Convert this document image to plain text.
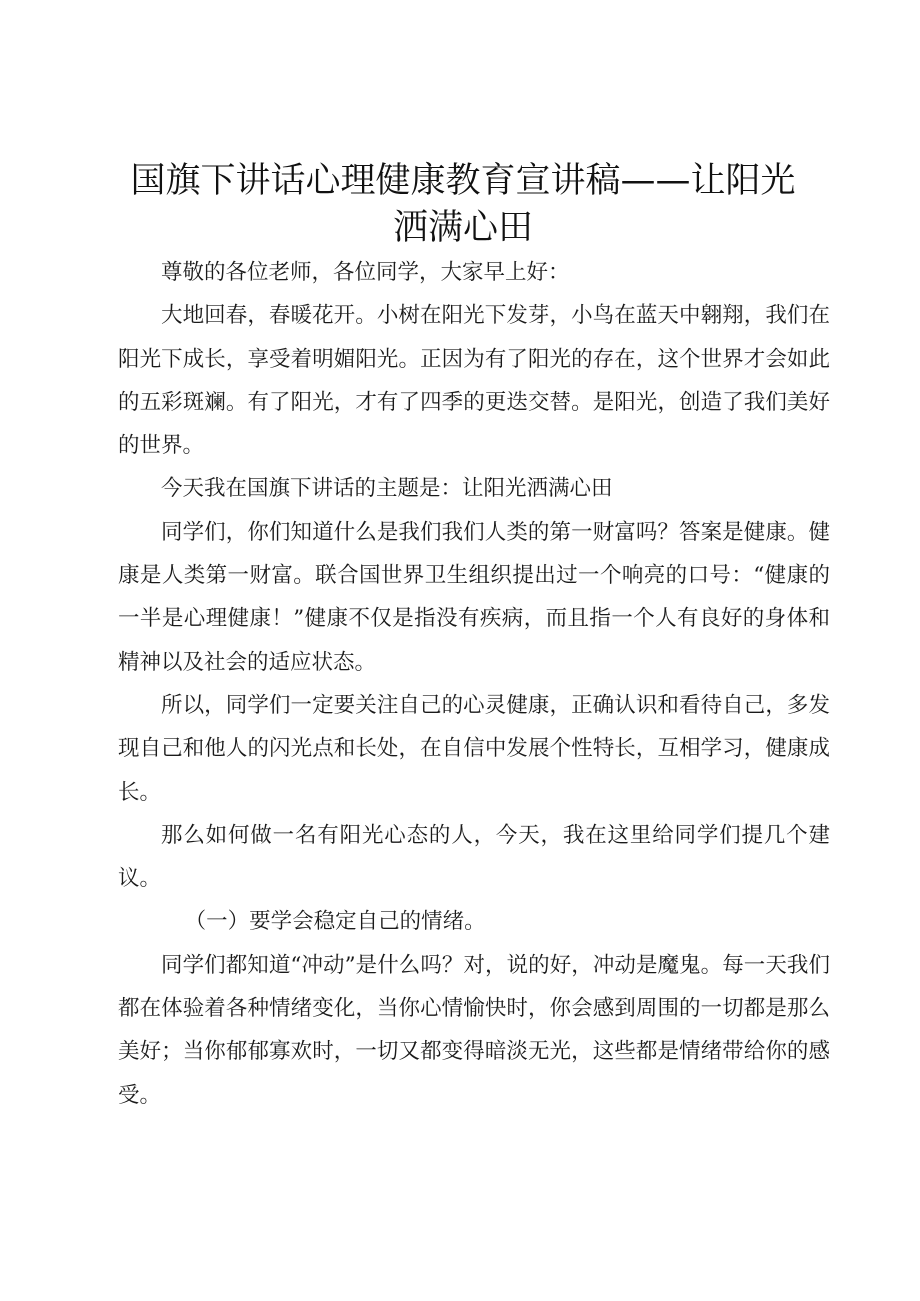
国旗下讲话心理健康教育宣讲稿——让阳光洒满心田

尊敬的各位老师，各位同学，大家早上好：

大地回春，春暖花开。小树在阳光下发芽，小鸟在蓝天中翱翔，我们在阳光下成长，享受着明媚阳光。正因为有了阳光的存在，这个世界才会如此的五彩斑斓。有了阳光，才有了四季的更迭交替。是阳光，创造了我们美好的世界。

今天我在国旗下讲话的主题是：让阳光洒满心田

同学们，你们知道什么是我们我们人类的第一财富吗？答案是健康。健康是人类第一财富。联合国世界卫生组织提出过一个响亮的口号：“健康的一半是心理健康！”健康不仅是指没有疾病，而且指一个人有良好的身体和精神以及社会的适应状态。

所以，同学们一定要关注自己的心灵健康，正确认识和看待自己，多发现自己和他人的闪光点和长处，在自信中发展个性特长，互相学习，健康成长。

那么如何做一名有阳光心态的人，今天，我在这里给同学们提几个建议。

（一）要学会稳定自己的情绪。

同学们都知道“冲动”是什么吗？对，说的好，冲动是魔鬼。每一天我们都在体验着各种情绪变化，当你心情愉快时，你会感到周围的一切都是那么美好；当你郁郁寡欢时，一切又都变得暗淡无光，这些都是情绪带给你的感受。
